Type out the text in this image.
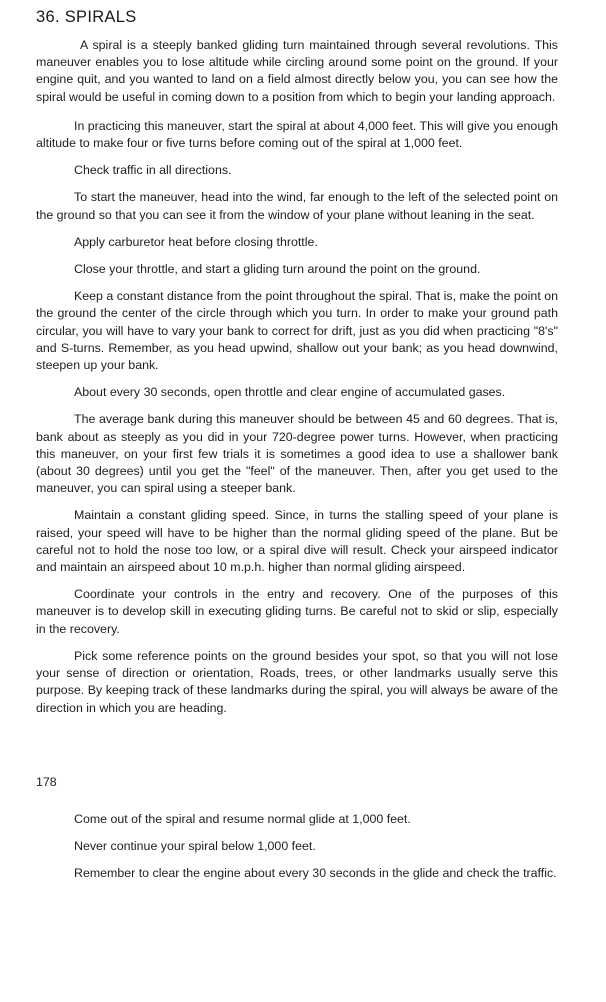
36. SPIRALS

A spiral is a steeply banked gliding turn maintained through several revolutions. This maneuver enables you to lose altitude while circling around some point on the ground. If your engine quit, and you wanted to land on a field almost directly below you, you can see how the spiral would be useful in coming down to a position from which to begin your landing approach.

In practicing this maneuver, start the spiral at about 4,000 feet. This will give you enough altitude to make four or five turns before coming out of the spiral at 1,000 feet.

Check traffic in all directions.

To start the maneuver, head into the wind, far enough to the left of the selected point on the ground so that you can see it from the window of your plane without leaning in the seat.

Apply carburetor heat before closing throttle.

Close your throttle, and start a gliding turn around the point on the ground.

Keep a constant distance from the point throughout the spiral. That is, make the point on the ground the center of the circle through which you turn. In order to make your ground path circular, you will have to vary your bank to correct for drift, just as you did when practicing "8's" and S-turns. Remember, as you head upwind, shallow out your bank; as you head downwind, steepen up your bank.

About every 30 seconds, open throttle and clear engine of accumulated gases.

The average bank during this maneuver should be between 45 and 60 degrees. That is, bank about as steeply as you did in your 720-degree power turns. However, when practicing this maneuver, on your first few trials it is sometimes a good idea to use a shallower bank (about 30 degrees) until you get the "feel" of the maneuver. Then, after you get used to the maneuver, you can spiral using a steeper bank.

Maintain a constant gliding speed. Since, in turns the stalling speed of your plane is raised, your speed will have to be higher than the normal gliding speed of the plane. But be careful not to hold the nose too low, or a spiral dive will result. Check your airspeed indicator and maintain an airspeed about 10 m.p.h. higher than normal gliding airspeed.

Coordinate your controls in the entry and recovery. One of the purposes of this maneuver is to develop skill in executing gliding turns. Be careful not to skid or slip, especially in the recovery.

Pick some reference points on the ground besides your spot, so that you will not lose your sense of direction or orientation, Roads, trees, or other landmarks usually serve this purpose. By keeping track of these landmarks during the spiral, you will always be aware of the direction in which you are heading.

178

Come out of the spiral and resume normal glide at 1,000 feet.

Never continue your spiral below 1,000 feet.

Remember to clear the engine about every 30 seconds in the glide and check the traffic.
